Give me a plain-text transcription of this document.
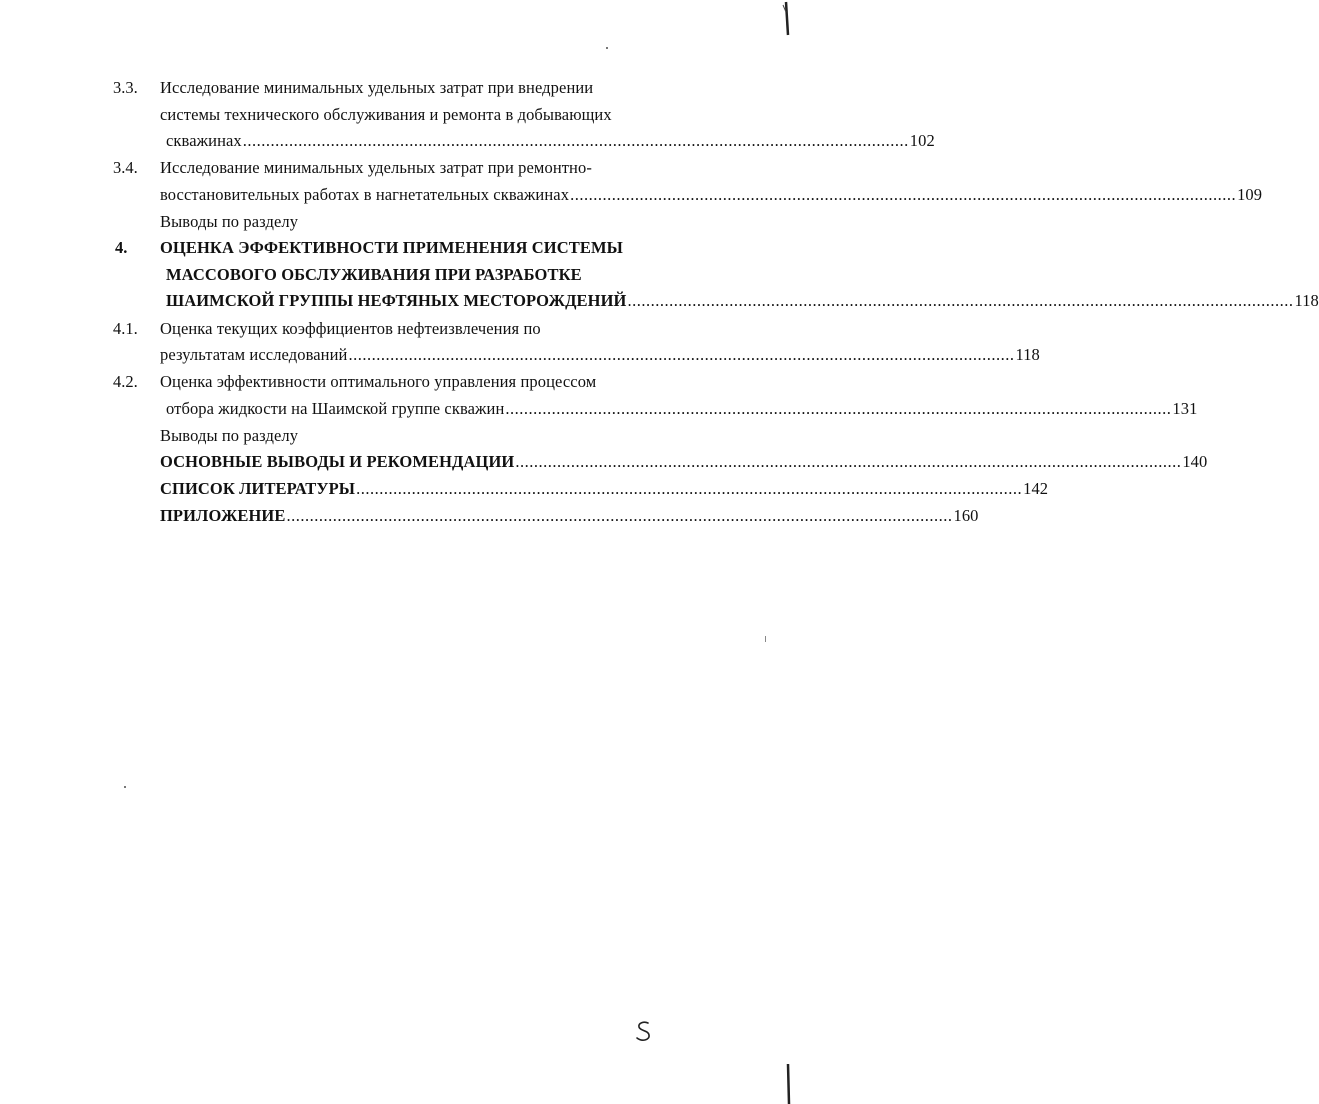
3.3. Исследование минимальных удельных затрат при внедрении
системы технического обслуживания и ремонта в добывающих
скважинах ................................................................................................................................................ 102
3.4. Исследование минимальных удельных затрат при ремонтно-
восстановительных работах в нагнетательных скважинах ................................................................................................................................................ 109
Выводы по разделу
4. ОЦЕНКА ЭФФЕКТИВНОСТИ ПРИМЕНЕНИЯ СИСТЕМЫ
МАССОВОГО ОБСЛУЖИВАНИЯ ПРИ РАЗРАБОТКЕ
ШАИМСКОЙ ГРУППЫ НЕФТЯНЫХ МЕСТОРОЖДЕНИЙ ................................................................................................................................................ 118
4.1. Оценка текущих коэффициентов нефтеизвлечения по
результатам исследований ................................................................................................................................................ 118
4.2. Оценка эффективности оптимального управления процессом
отбора жидкости на Шаимской группе скважин ................................................................................................................................................ 131
Выводы по разделу
ОСНОВНЫЕ ВЫВОДЫ И РЕКОМЕНДАЦИИ ................................................................................................................................................ 140
СПИСОК ЛИТЕРАТУРЫ ................................................................................................................................................ 142
ПРИЛОЖЕНИЕ ................................................................................................................................................ 160
